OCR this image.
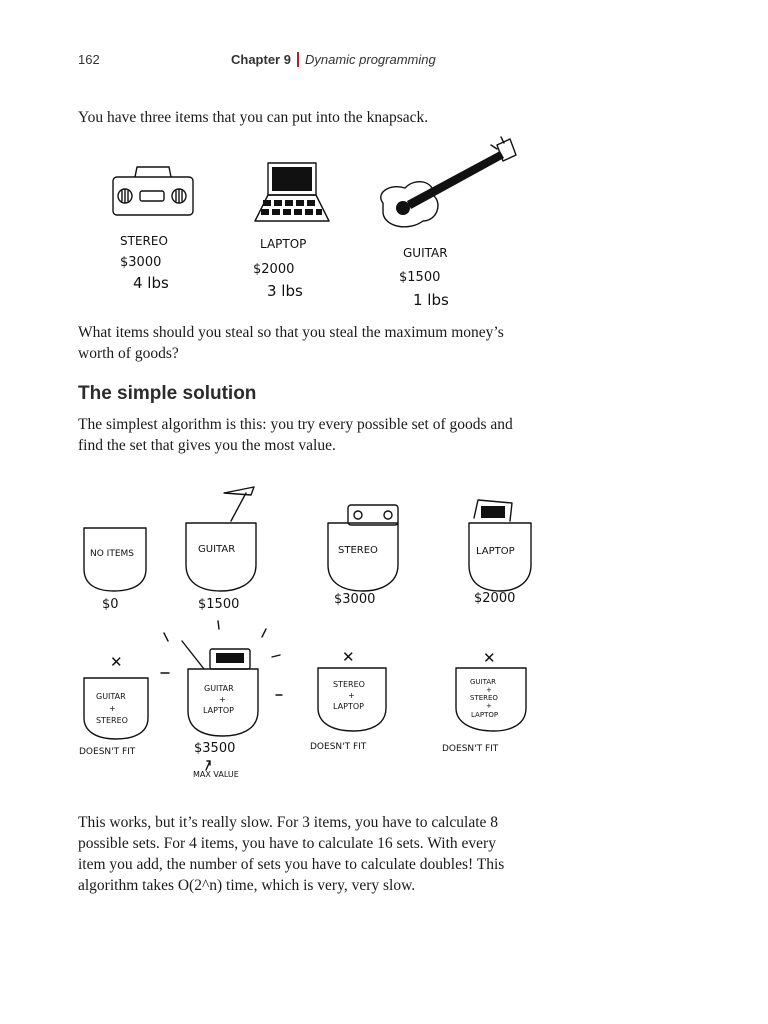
162	Chapter 9 Dynamic programming
You have three items that you can put into the knapsack.
STEREO
$3000
4 lbs
LAPTOP
$2000
3 lbs
GUITAR
$1500
1 lbs
What items should you steal so that you steal the maximum money’s worth of goods?
The simple solution
The simplest algorithm is this: you try every possible set of goods and find the set that gives you the most value.
NO ITEMS
$0
GUITAR
$1500
STEREO
$3000
LAPTOP
$2000
✕
GUITAR
+
STEREO
DOESN'T FIT
GUITAR
+
LAPTOP
$3500
MAX VALUE
✕
STEREO
+
LAPTOP
DOESN'T FIT
✕
GUITAR
+
STEREO
+
LAPTOP
DOESN'T FIT
This works, but it’s really slow. For 3 items, you have to calculate 8 possible sets. For 4 items, you have to calculate 16 sets. With every item you add, the number of sets you have to calculate doubles! This algorithm takes O(2^n) time, which is very, very slow.
